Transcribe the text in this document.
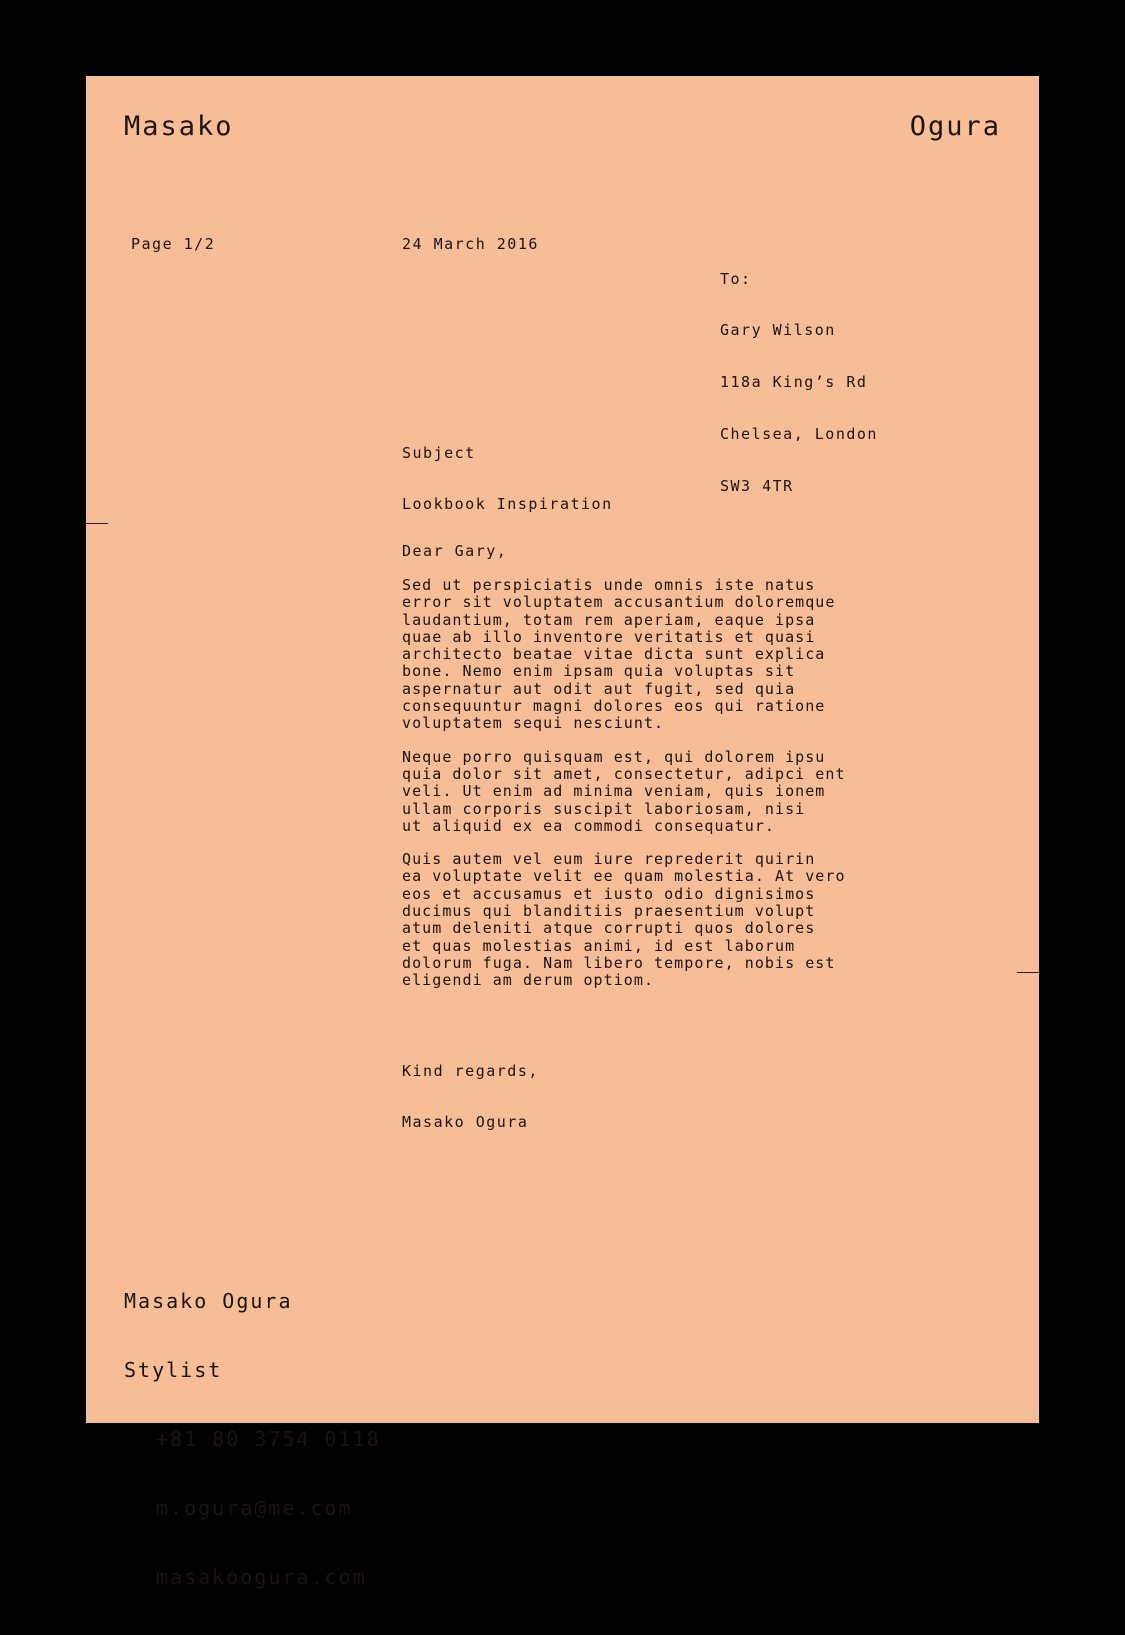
Masako	Ogura
Page 1/2	24 March 2016

To:

Gary Wilson

118a King’s Rd

Chelsea, London

SW3 4TR

Subject

Lookbook Inspiration

Dear Gary,

Sed ut perspiciatis unde omnis iste natus
error sit voluptatem accusantium doloremque
laudantium, totam rem aperiam, eaque ipsa
quae ab illo inventore veritatis et quasi
architecto beatae vitae dicta sunt explica
bone. Nemo enim ipsam quia voluptas sit
aspernatur aut odit aut fugit, sed quia
consequuntur magni dolores eos qui ratione
voluptatem sequi nesciunt.

Neque porro quisquam est, qui dolorem ipsu
quia dolor sit amet, consectetur, adipci ent
veli. Ut enim ad minima veniam, quis ionem
ullam corporis suscipit laboriosam, nisi
ut aliquid ex ea commodi consequatur.

Quis autem vel eum iure reprederit quirin
ea voluptate velit ee quam molestia. At vero
eos et accusamus et iusto odio dignisimos
ducimus qui blanditiis praesentium volupt
atum deleniti atque corrupti quos dolores
et quas molestias animi, id est laborum
dolorum fuga. Nam libero tempore, nobis est
eligendi am derum optiom.

Kind regards,

Masako Ogura

Masako Ogura

Stylist

+81 80 3754 0118

m.ogura@me.com

masakoogura.com
